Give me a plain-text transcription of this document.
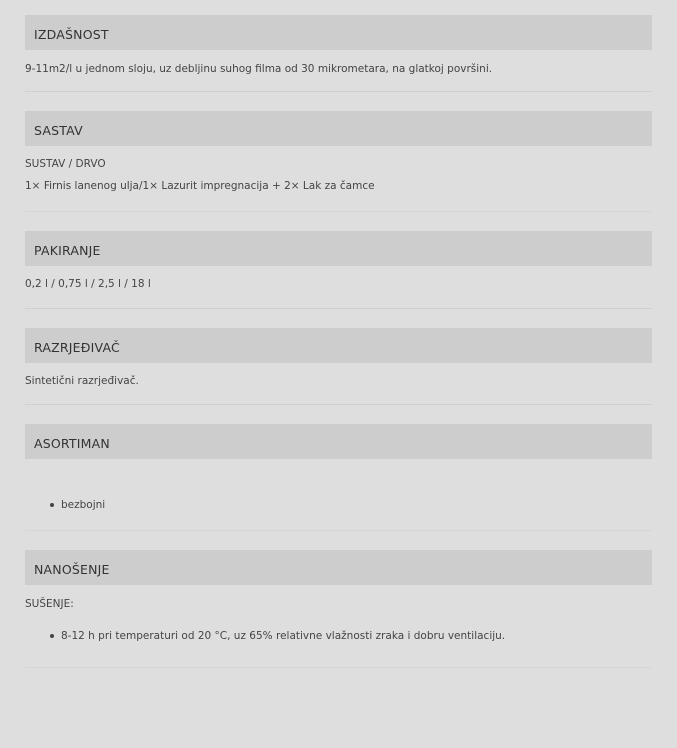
IZDAŠNOST

9-11m2/l u jednom sloju, uz debljinu suhog filma od 30 mikrometara, na glatkoj površini.

SASTAV

SUSTAV / DRVO

1× Firnis lanenog ulja/1× Lazurit impregnacija + 2× Lak za čamce

PAKIRANJE

0,2 l / 0,75 l / 2,5 l / 18 l

RAZRJEĐIVAČ

Sintetični razrjeđivač.

ASORTIMAN
bezbojni
NANOŠENJE

SUŠENJE:

8-12 h pri temperaturi od 20 °C, uz 65% relativne vlažnosti zraka i dobru ventilaciju.
